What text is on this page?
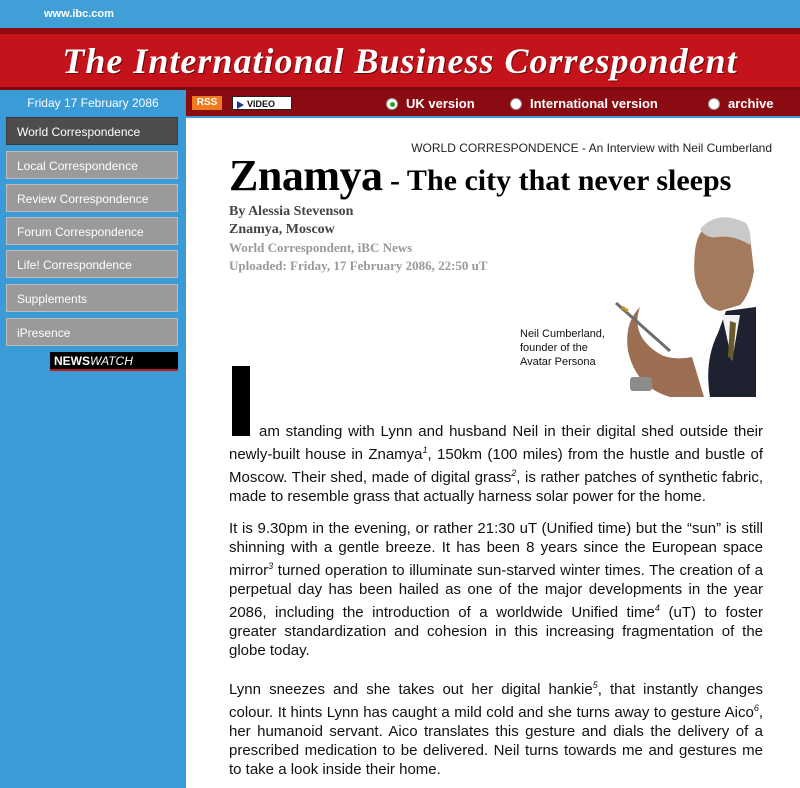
www.ibc.com
The International Business Correspondent
Friday 17 February 2086
World Correspondence
Local Correspondence
Review Correspondence
Forum Correspondence
Life! Correspondence
Supplements
iPresence
NEWSWATCH
RSS	VIDEO	UK version	International version	archive
WORLD CORRESPONDENCE - An Interview with Neil Cumberland
Znamya - The city that never sleeps
By Alessia Stevenson
Znamya, Moscow
World Correspondent, iBC News
Uploaded: Friday, 17 February 2086, 22:50 uT
Neil Cumberland,
founder of the
Avatar Persona
am standing with Lynn and husband Neil in their digital shed outside their newly-built house in Znamya$^1$, 150km (100 miles) from the hustle and bustle of Moscow. Their shed, made of digital grass$^2$, is rather patches of synthetic fabric, made to resemble grass that actually harness solar power for the home.
It is 9.30pm in the evening, or rather 21:30 uT (Unified time) but the “sun” is still shinning with a gentle breeze. It has been 8 years since the European space mirror$^3$ turned operation to illuminate sun-starved winter times. The creation of a perpetual day has been hailed as one of the major developments in the year 2086, including the introduction of a worldwide Unified time$^4$ (uT) to foster greater standardization and cohesion in this increasing fragmentation of the globe today.
Lynn sneezes and she takes out her digital hankie$^5$, that instantly changes colour. It hints Lynn has caught a mild cold and she turns away to gesture Aico$^6$, her humanoid servant. Aico translates this gesture and dials the delivery of a prescribed medication to be delivered. Neil turns towards me and gestures me to take a look inside their home.
